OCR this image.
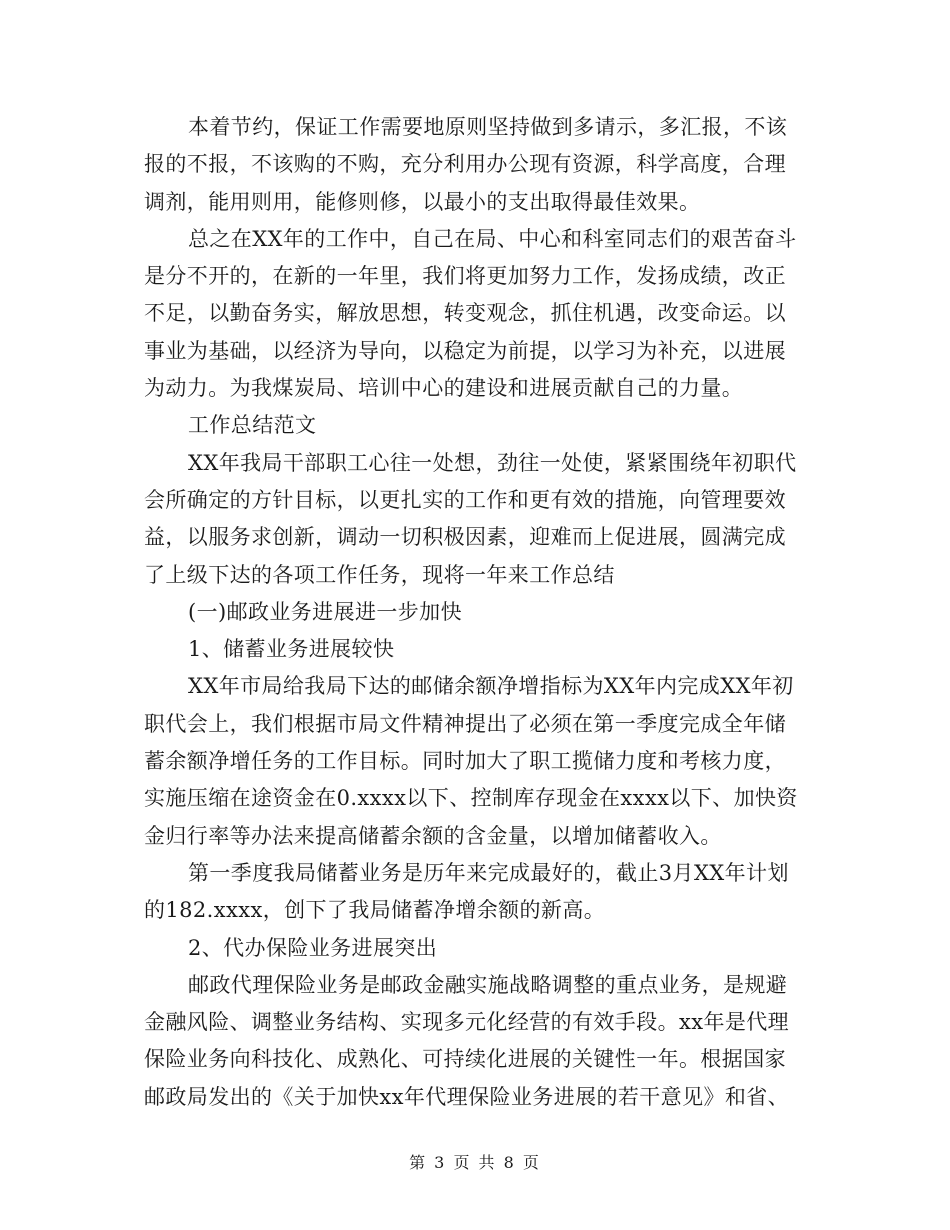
本着节约，保证工作需要地原则坚持做到多请示，多汇报，不该
报的不报，不该购的不购，充分利用办公现有资源，科学高度，合理
调剂，能用则用，能修则修，以最小的支出取得最佳效果。
总之在XX年的工作中，自己在局、中心和科室同志们的艰苦奋斗
是分不开的，在新的一年里，我们将更加努力工作，发扬成绩，改正
不足，以勤奋务实，解放思想，转变观念，抓住机遇，改变命运。以
事业为基础，以经济为导向，以稳定为前提，以学习为补充，以进展
为动力。为我煤炭局、培训中心的建设和进展贡献自己的力量。
工作总结范文
XX年我局干部职工心往一处想，劲往一处使，紧紧围绕年初职代
会所确定的方针目标，以更扎实的工作和更有效的措施，向管理要效
益，以服务求创新，调动一切积极因素，迎难而上促进展，圆满完成
了上级下达的各项工作任务，现将一年来工作总结
(一)邮政业务进展进一步加快
1、储蓄业务进展较快
XX年市局给我局下达的邮储余额净增指标为XX年内完成XX年初
职代会上，我们根据市局文件精神提出了必须在第一季度完成全年储
蓄余额净增任务的工作目标。同时加大了职工揽储力度和考核力度，
实施压缩在途资金在0.xxxx以下、控制库存现金在xxxx以下、加快资
金归行率等办法来提高储蓄余额的含金量，以增加储蓄收入。
第一季度我局储蓄业务是历年来完成最好的，截止3月XX年计划
的182.xxxx，创下了我局储蓄净增余额的新高。
2、代办保险业务进展突出
邮政代理保险业务是邮政金融实施战略调整的重点业务，是规避
金融风险、调整业务结构、实现多元化经营的有效手段。xx年是代理
保险业务向科技化、成熟化、可持续化进展的关键性一年。根据国家
邮政局发出的《关于加快xx年代理保险业务进展的若干意见》和省、

第 3 页 共 8 页
